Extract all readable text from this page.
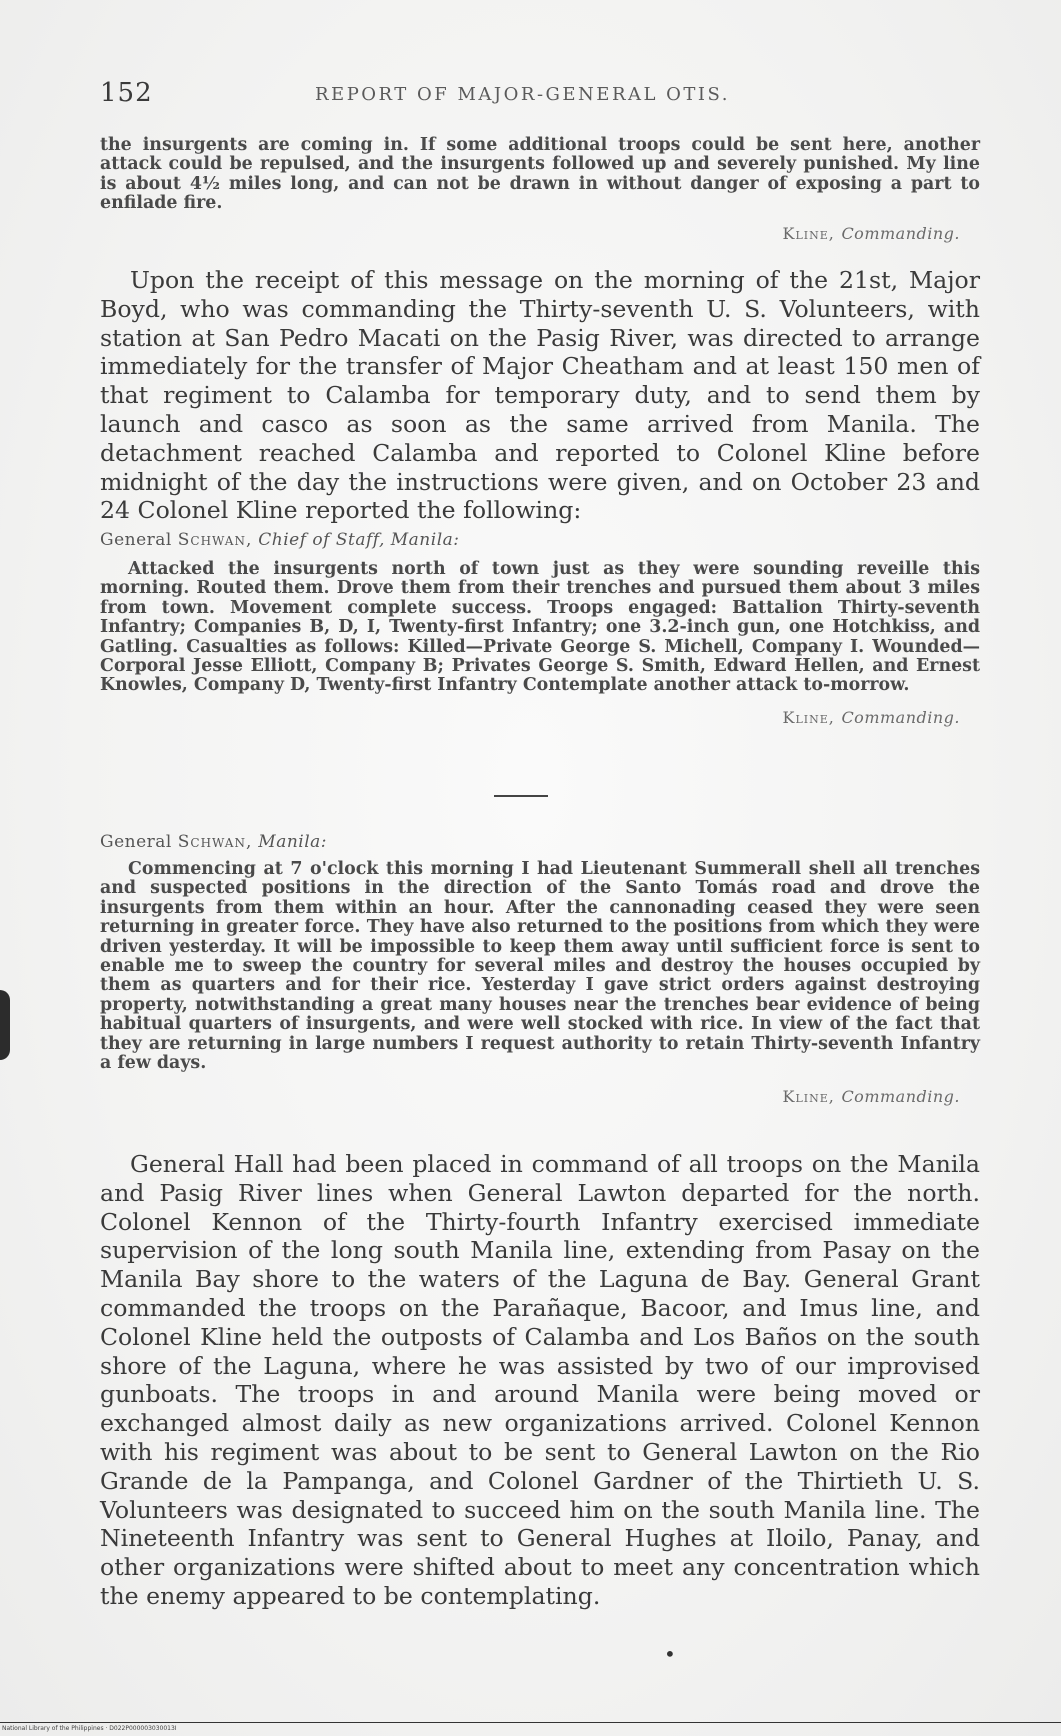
152	REPORT OF MAJOR-GENERAL OTIS.

the insurgents are coming in. If some additional troops could be sent here, another attack could be repulsed, and the insurgents followed up and severely punished. My line is about 4½ miles long, and can not be drawn in without danger of exposing a part to enfilade fire.

Kline, Commanding.

Upon the receipt of this message on the morning of the 21st, Major Boyd, who was commanding the Thirty-seventh U. S. Volunteers, with station at San Pedro Macati on the Pasig River, was directed to arrange immediately for the transfer of Major Cheatham and at least 150 men of that regiment to Calamba for temporary duty, and to send them by launch and casco as soon as the same arrived from Manila. The detachment reached Calamba and reported to Colonel Kline before midnight of the day the instructions were given, and on October 23 and 24 Colonel Kline reported the following:

General Schwan, Chief of Staff, Manila:

Attacked the insurgents north of town just as they were sounding reveille this morning. Routed them. Drove them from their trenches and pursued them about 3 miles from town. Movement complete success. Troops engaged: Battalion Thirty-seventh Infantry; Companies B, D, I, Twenty-first Infantry; one 3.2-inch gun, one Hotchkiss, and Gatling. Casualties as follows: Killed—Private George S. Michell, Company I. Wounded—Corporal Jesse Elliott, Company B; Privates George S. Smith, Edward Hellen, and Ernest Knowles, Company D, Twenty-first Infantry Contemplate another attack to-morrow.

Kline, Commanding.
General Schwan, Manila:

Commencing at 7 o'clock this morning I had Lieutenant Summerall shell all trenches and suspected positions in the direction of the Santo Tomás road and drove the insurgents from them within an hour. After the cannonading ceased they were seen returning in greater force. They have also returned to the positions from which they were driven yesterday. It will be impossible to keep them away until sufficient force is sent to enable me to sweep the country for several miles and destroy the houses occupied by them as quarters and for their rice. Yesterday I gave strict orders against destroying property, notwithstanding a great many houses near the trenches bear evidence of being habitual quarters of insurgents, and were well stocked with rice. In view of the fact that they are returning in large numbers I request authority to retain Thirty-seventh Infantry a few days.

Kline, Commanding.

General Hall had been placed in command of all troops on the Manila and Pasig River lines when General Lawton departed for the north. Colonel Kennon of the Thirty-fourth Infantry exercised immediate supervision of the long south Manila line, extending from Pasay on the Manila Bay shore to the waters of the Laguna de Bay. General Grant commanded the troops on the Parañaque, Bacoor, and Imus line, and Colonel Kline held the outposts of Calamba and Los Baños on the south shore of the Laguna, where he was assisted by two of our improvised gunboats. The troops in and around Manila were being moved or exchanged almost daily as new organizations arrived. Colonel Kennon with his regiment was about to be sent to General Lawton on the Rio Grande de la Pampanga, and Colonel Gardner of the Thirtieth U. S. Volunteers was designated to succeed him on the south Manila line. The Nineteenth Infantry was sent to General Hughes at Iloilo, Panay, and other organizations were shifted about to meet any concentration which the enemy appeared to be contemplating.

•
National Library of the Philippines · D022P000003030013I
